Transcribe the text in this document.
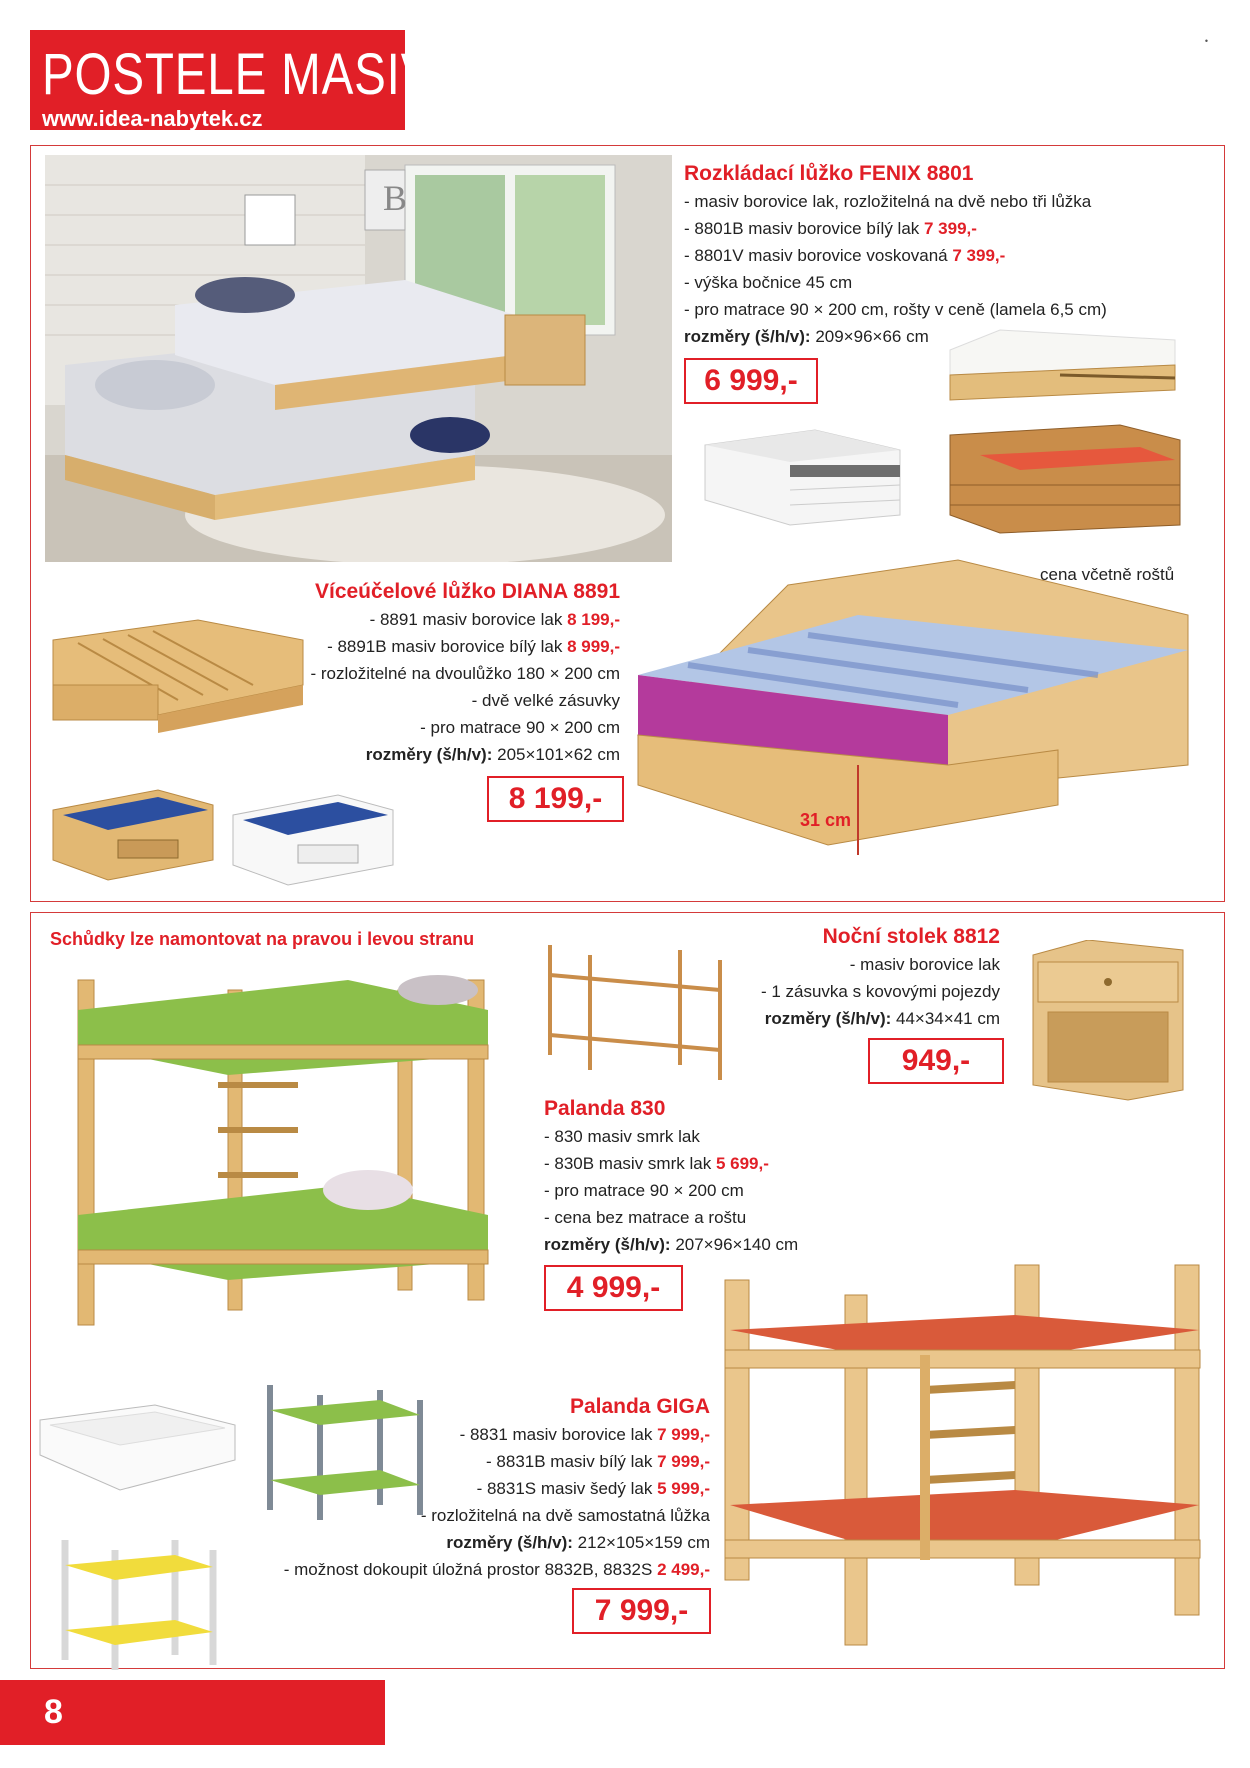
POSTELE MASIV
www.idea-nabytek.cz
•
B
Rozkládací lůžko FENIX 8801
- masiv borovice lak, rozložitelná na dvě nebo tři lůžka
- 8801B masiv borovice bílý lak 7 399,-
- 8801V masiv borovice voskovaná 7 399,-
- výška bočnice 45 cm
- pro matrace 90 × 200 cm, rošty v ceně (lamela 6,5 cm)
rozměry (š/h/v): 209×96×66 cm
6 999,-
Víceúčelové lůžko DIANA 8891
- 8891 masiv borovice lak 8 199,-
- 8891B masiv borovice bílý lak 8 999,-
- rozložitelné na dvoulůžko 180 × 200 cm
- dvě velké zásuvky
- pro matrace 90 × 200 cm
rozměry (š/h/v): 205×101×62 cm
8 199,-
cena včetně roštů
31 cm
Schůdky lze namontovat na pravou i levou stranu	Noční stolek 8812
- masiv borovice lak
- 1 zásuvka s kovovými pojezdy
rozměry (š/h/v): 44×34×41 cm
949,-
Palanda 830
- 830 masiv smrk lak
- 830B masiv smrk lak 5 699,-
- pro matrace 90 × 200 cm
- cena bez matrace a roštu
rozměry (š/h/v): 207×96×140 cm
4 999,-
Palanda GIGA
- 8831 masiv borovice lak 7 999,-
- 8831B masiv bílý lak 7 999,-
- 8831S masiv šedý lak 5 999,-
- rozložitelná na dvě samostatná lůžka
rozměry (š/h/v): 212×105×159 cm
- možnost dokoupit úložná prostor 8832B, 8832S 2 499,-
7 999,-
8
